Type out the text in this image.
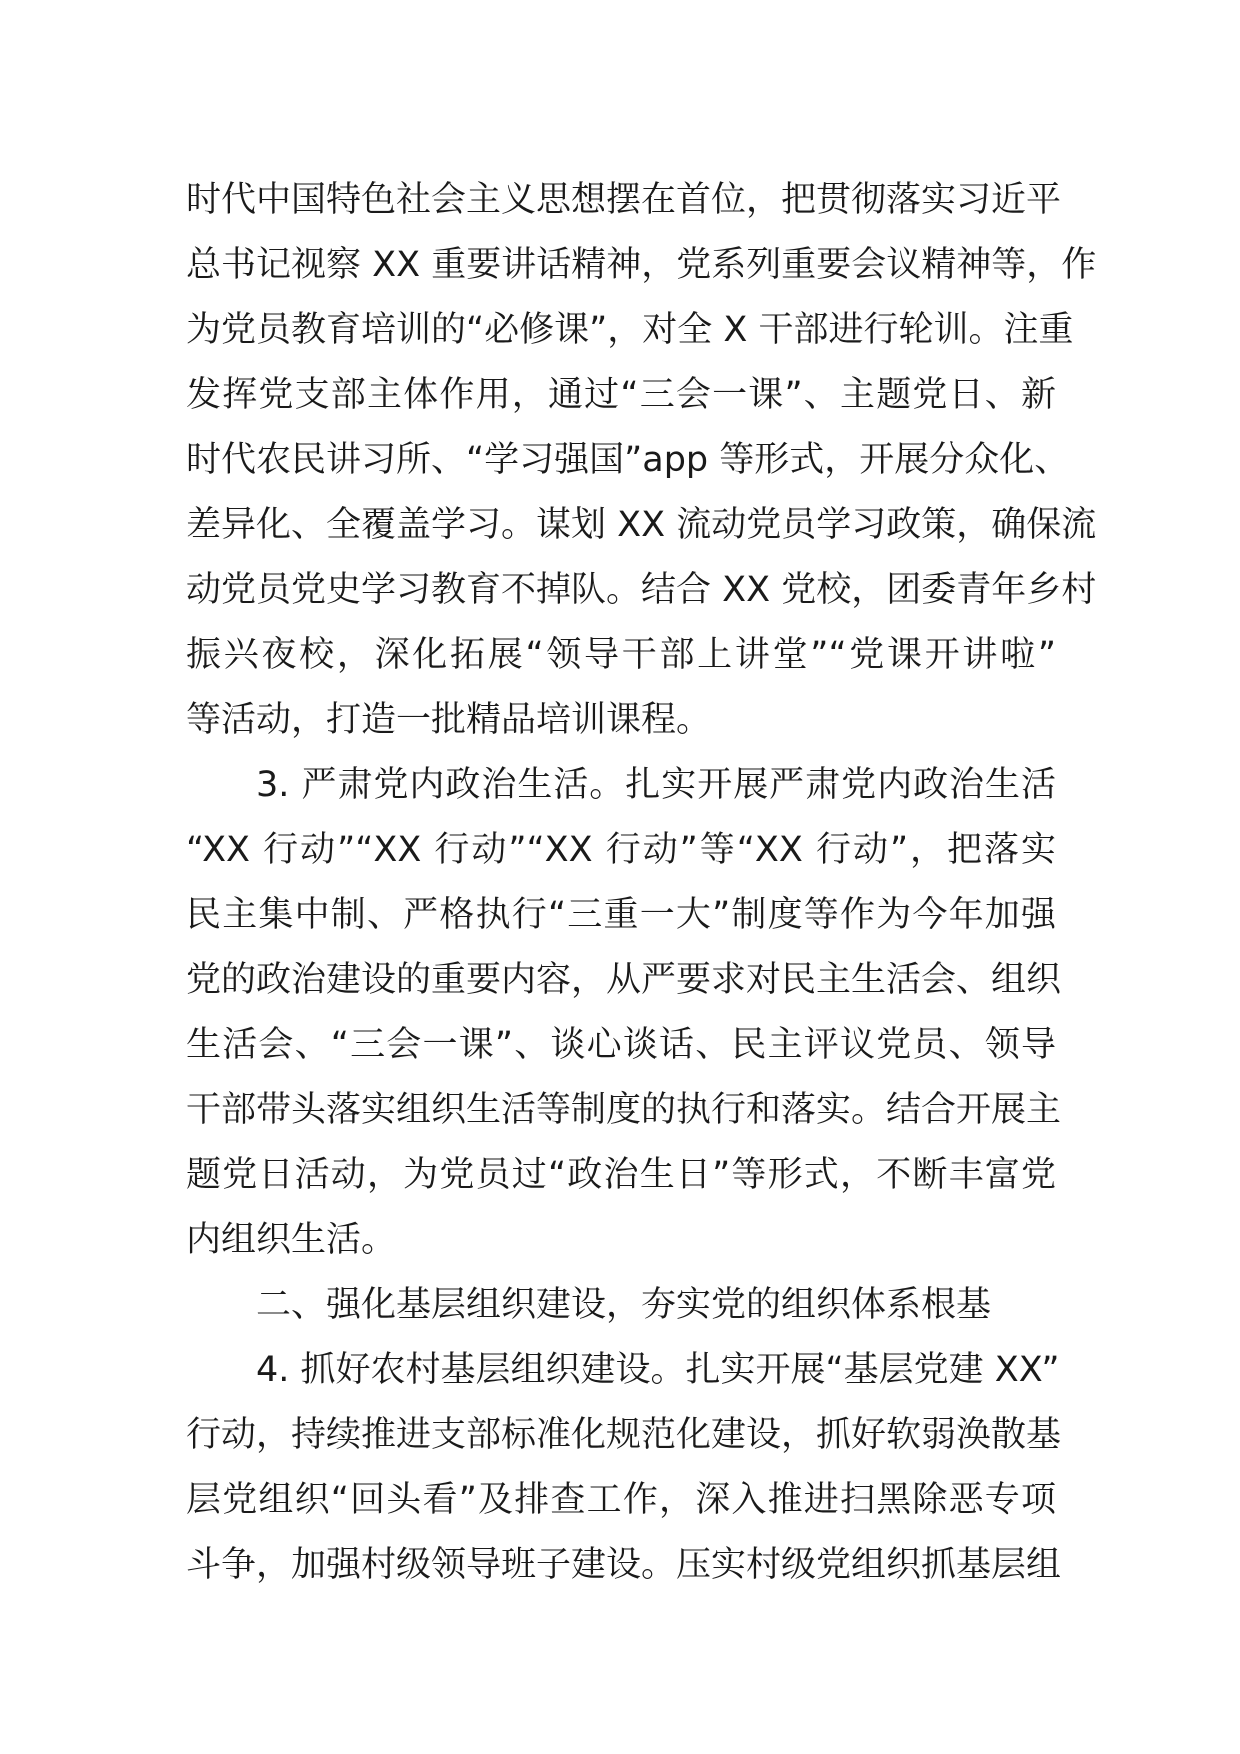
时代中国特色社会主义思想摆在首位，把贯彻落实习近平
总书记视察 XX 重要讲话精神，党系列重要会议精神等，作
为党员教育培训的“必修课”，对全 X 干部进行轮训。注重
发挥党支部主体作用，通过“三会一课”、主题党日、新
时代农民讲习所、“学习强国”app 等形式，开展分众化、
差异化、全覆盖学习。谋划 XX 流动党员学习政策，确保流
动党员党史学习教育不掉队。结合 XX 党校，团委青年乡村
振兴夜校，深化拓展“领导干部上讲堂”“党课开讲啦”
等活动，打造一批精品培训课程。
3. 严肃党内政治生活。扎实开展严肃党内政治生活
“XX 行动”“XX 行动”“XX 行动”等“XX 行动”，把落实
民主集中制、严格执行“三重一大”制度等作为今年加强
党的政治建设的重要内容，从严要求对民主生活会、组织
生活会、“三会一课”、谈心谈话、民主评议党员、领导
干部带头落实组织生活等制度的执行和落实。结合开展主
题党日活动，为党员过“政治生日”等形式，不断丰富党
内组织生活。
二、强化基层组织建设，夯实党的组织体系根基
4. 抓好农村基层组织建设。扎实开展“基层党建 XX”
行动，持续推进支部标准化规范化建设，抓好软弱涣散基
层党组织“回头看”及排查工作，深入推进扫黑除恶专项
斗争，加强村级领导班子建设。压实村级党组织抓基层组
